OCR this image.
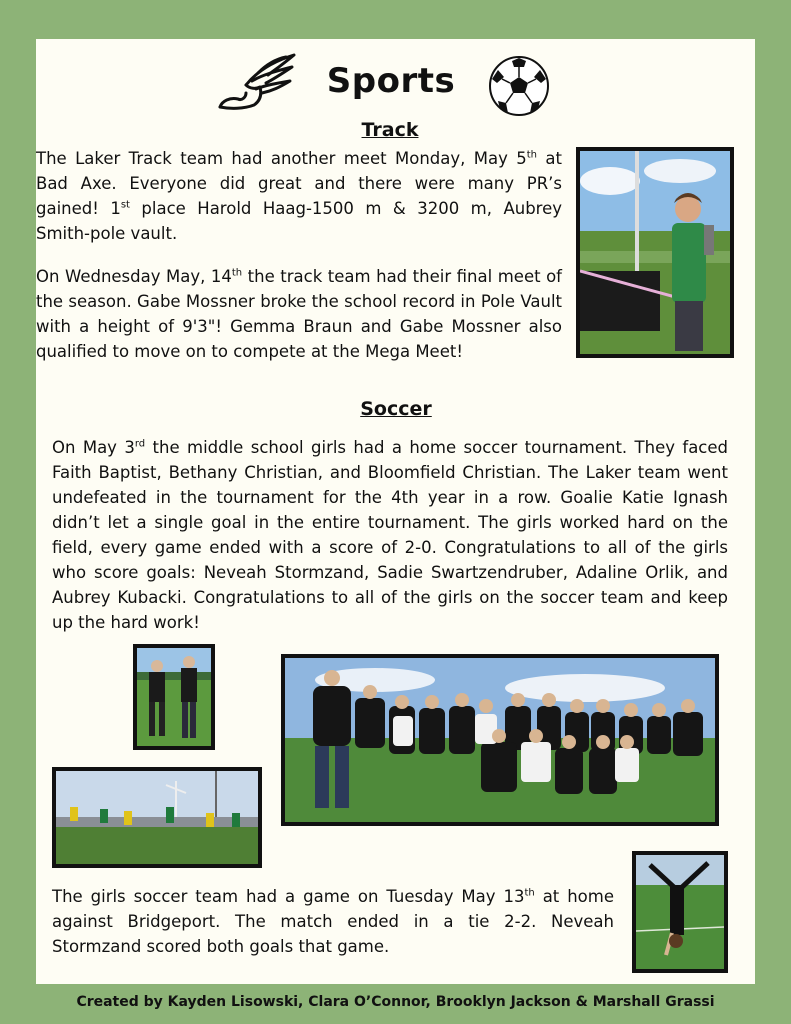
Sports
Track

The Laker Track team had another meet Monday, May 5th at Bad Axe. Everyone did great and there were many PR’s gained! 1st place Harold Haag-1500 m & 3200 m, Aubrey Smith-pole vault.

On Wednesday May, 14th the track team had their final meet of the season. Gabe Mossner broke the school record in Pole Vault with a height of 9'3"! Gemma Braun and Gabe Mossner also qualified to move on to compete at the Mega Meet!

Soccer

On May 3rd the middle school girls had a home soccer tournament. They faced Faith Baptist, Bethany Christian, and Bloomfield Christian. The Laker team went undefeated in the tournament for the 4th year in a row. Goalie Katie Ignash didn’t let a single goal in the entire tournament. The girls worked hard on the field, every game ended with a score of 2-0. Congratulations to all of the girls who score goals: Neveah Stormzand, Sadie Swartzendruber, Adaline Orlik, and Aubrey Kubacki. Congratulations to all of the girls on the soccer team and keep up the hard work!

The girls soccer team had a game on Tuesday May 13th at home against Bridgeport. The match ended in a tie 2-2. Neveah Stormzand scored both goals that game.

Created by Kayden Lisowski, Clara O’Connor, Brooklyn Jackson & Marshall Grassi
